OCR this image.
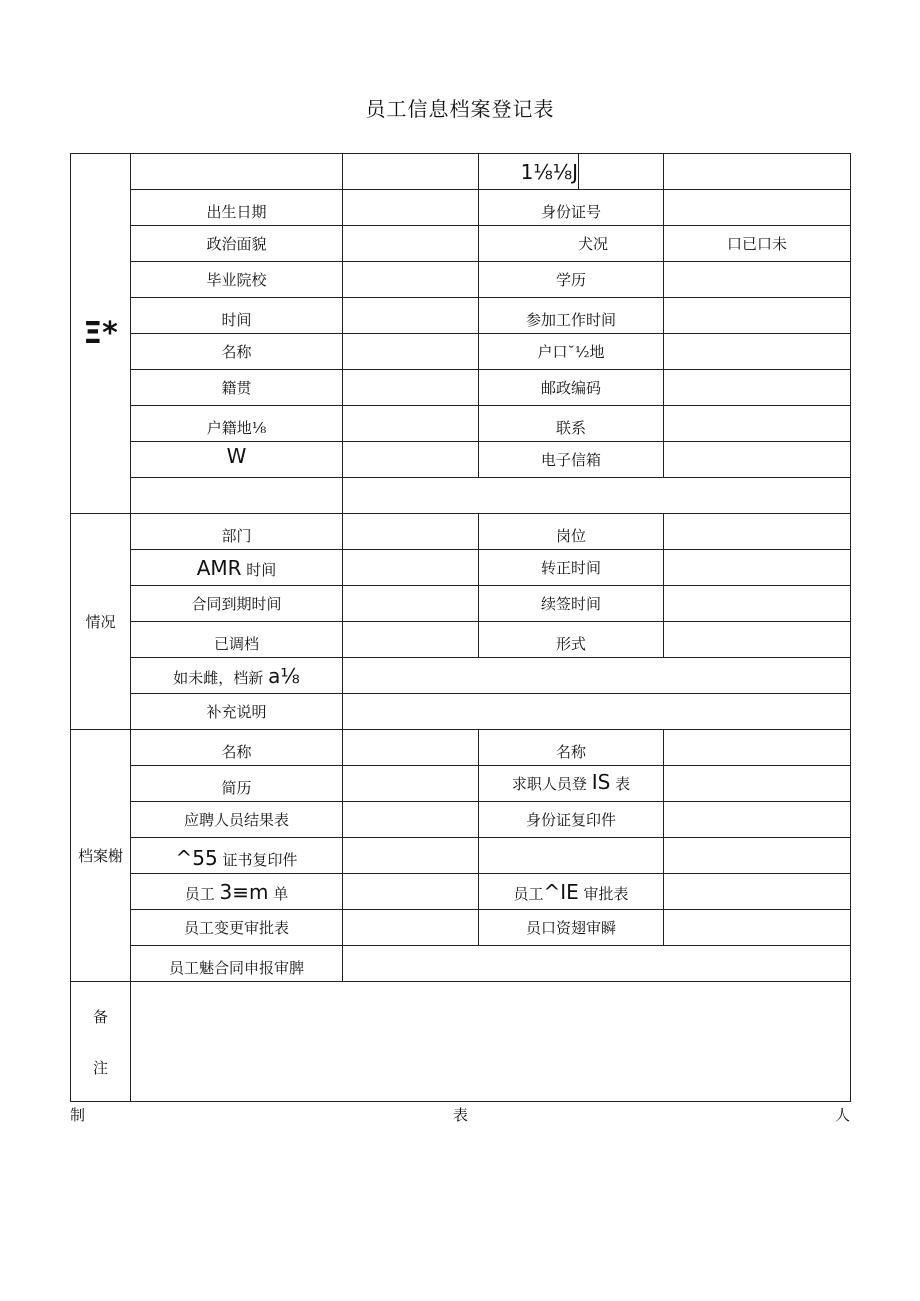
员工信息档案登记表
Ξ*			1⅛⅛J		
	出生日期		身份证号		
	政治面貌		犬况		口已口未
	毕业院校		学历		
	时间		参加工作时间		
	名称		户口˘½地		
	籍贯		邮政编码		
	户籍地⅛		联系		
	W		电子信箱		

情况	部门		岗位		
	AMR 时间		转正时间		
	合同到期时间		续签时间		
	已调档		形式		
	如未雌，档新 a⅛				
	补充说明				
档案榭	名称		名称		
	简历		求职人员登 IS 表		
	应聘人员结果表		身份证复印件		
	^55 证书复印件				
	员工 3≡m 单		员工^IE 审批表		
	员工变更审批表		员口资翅审瞬		
	员工魅合同申报审脾				

备
注					

制	表	人
